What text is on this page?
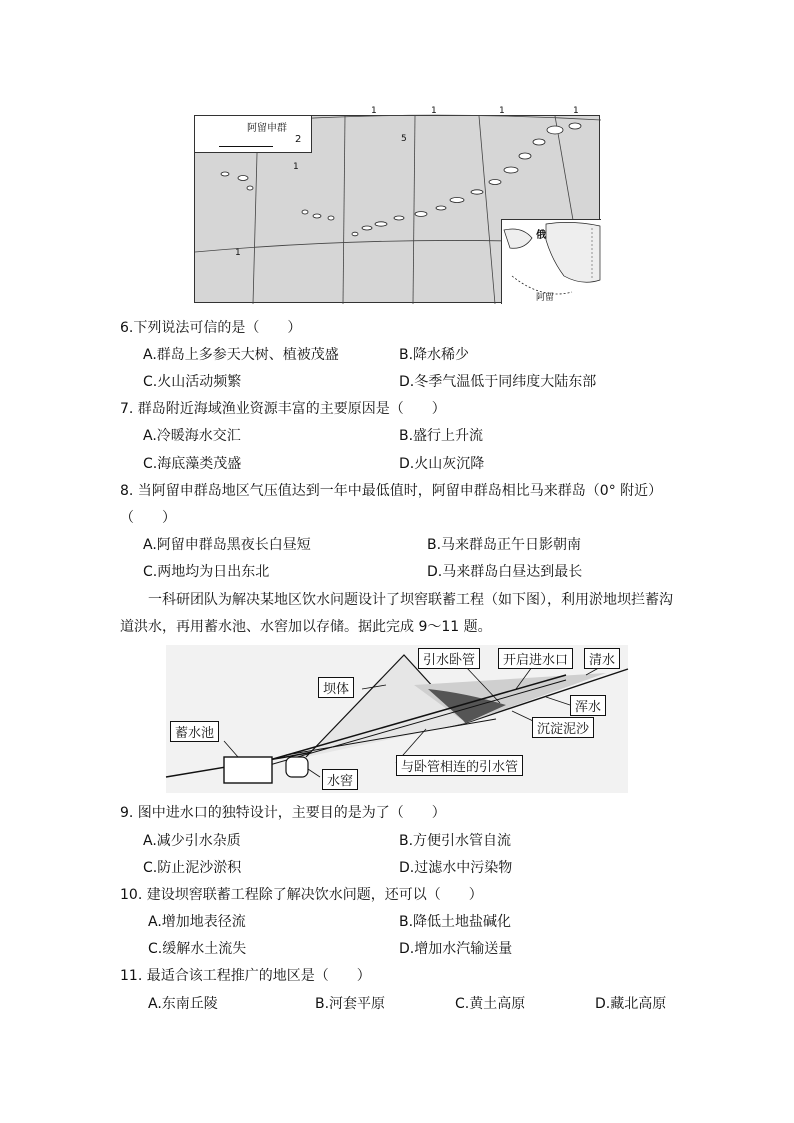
阿留申群
2
1	1	1	1
5
1
1
俄
阿留
6.下列说法可信的是（　　）
A.群岛上多参天大树、植被茂盛	B.降水稀少
C.火山活动频繁	D.冬季气温低于同纬度大陆东部
7. 群岛附近海域渔业资源丰富的主要原因是（　　）
A.冷暖海水交汇	B.盛行上升流
C.海底藻类茂盛	D.火山灰沉降
8. 当阿留申群岛地区气压值达到一年中最低值时，阿留申群岛相比马来群岛（0° 附近）
（　　）
A.阿留申群岛黑夜长白昼短	B.马来群岛正午日影朝南
C.两地均为日出东北	D.马来群岛白昼达到最长
一科研团队为解决某地区饮水问题设计了坝窖联蓄工程（如下图），利用淤地坝拦蓄沟
道洪水，再用蓄水池、水窖加以存储。据此完成 9～11 题。
引水卧管	开启进水口	清水
坝体
浑水
沉淀泥沙
蓄水池
与卧管相连的引水管
水窖
9. 图中进水口的独特设计，主要目的是为了（　　）
A.减少引水杂质	B.方便引水管自流
C.防止泥沙淤积	D.过滤水中污染物
10. 建设坝窖联蓄工程除了解决饮水问题，还可以（　　）
A.增加地表径流	B.降低土地盐碱化
C.缓解水土流失	D.增加水汽输送量
11. 最适合该工程推广的地区是（　　）
A.东南丘陵	B.河套平原	C.黄土高原	D.藏北高原
